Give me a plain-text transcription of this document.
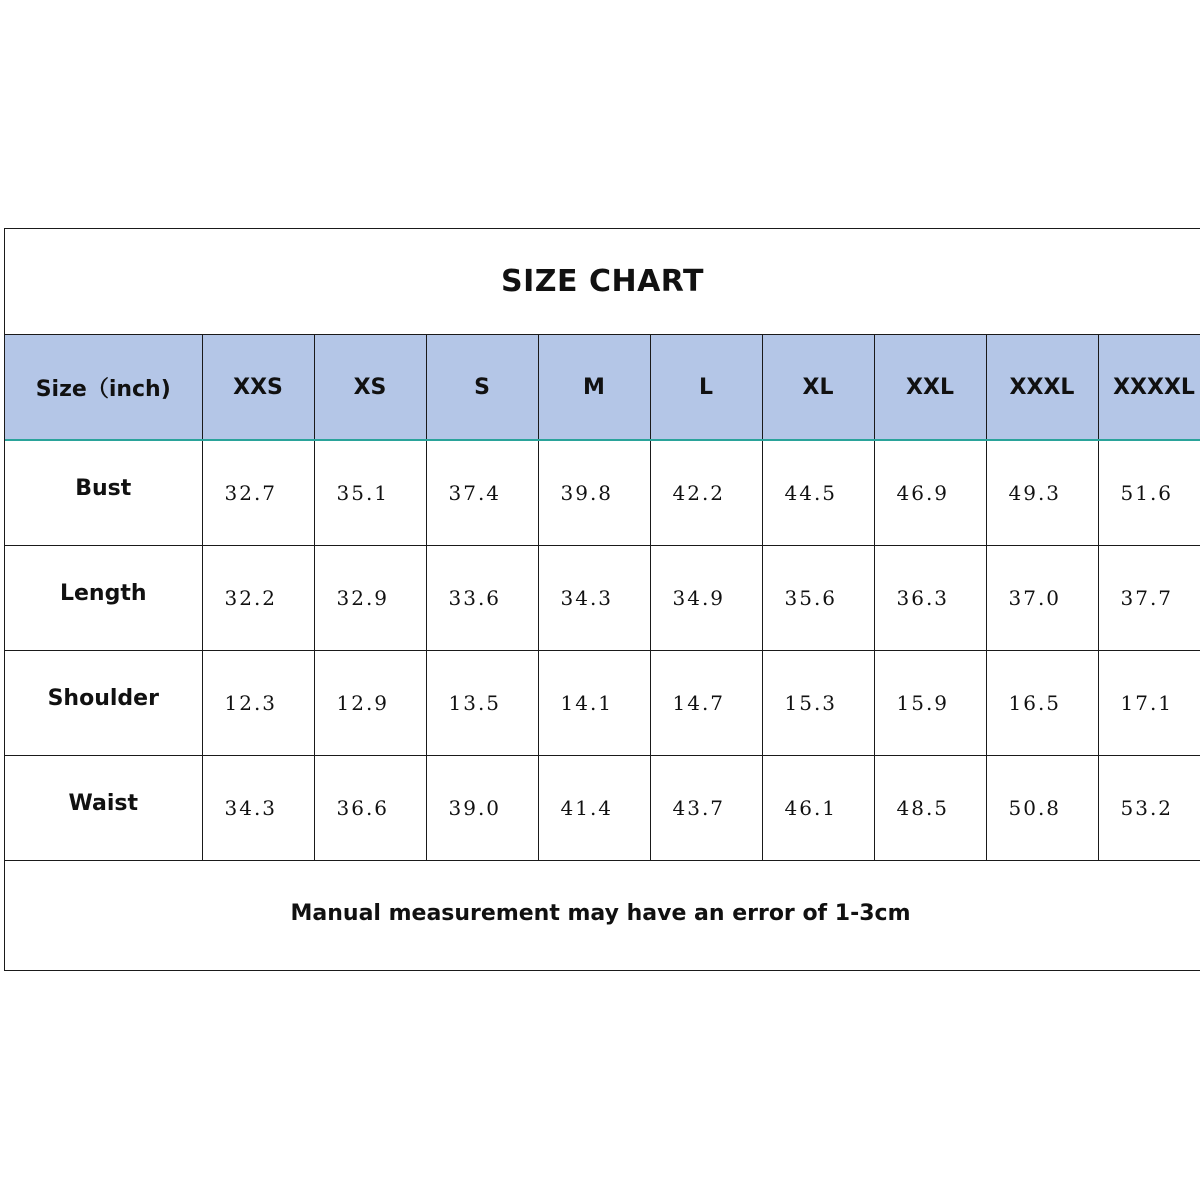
SIZE CHART
Size（inch)	XXS	XS	S	M	L	XL	XXL	XXXL	XXXXL
Bust	32.7	35.1	37.4	39.8	42.2	44.5	46.9	49.3	51.6
Length	32.2	32.9	33.6	34.3	34.9	35.6	36.3	37.0	37.7
Shoulder	12.3	12.9	13.5	14.1	14.7	15.3	15.9	16.5	17.1
Waist	34.3	36.6	39.0	41.4	43.7	46.1	48.5	50.8	53.2
Manual measurement may have an error of 1-3cm
